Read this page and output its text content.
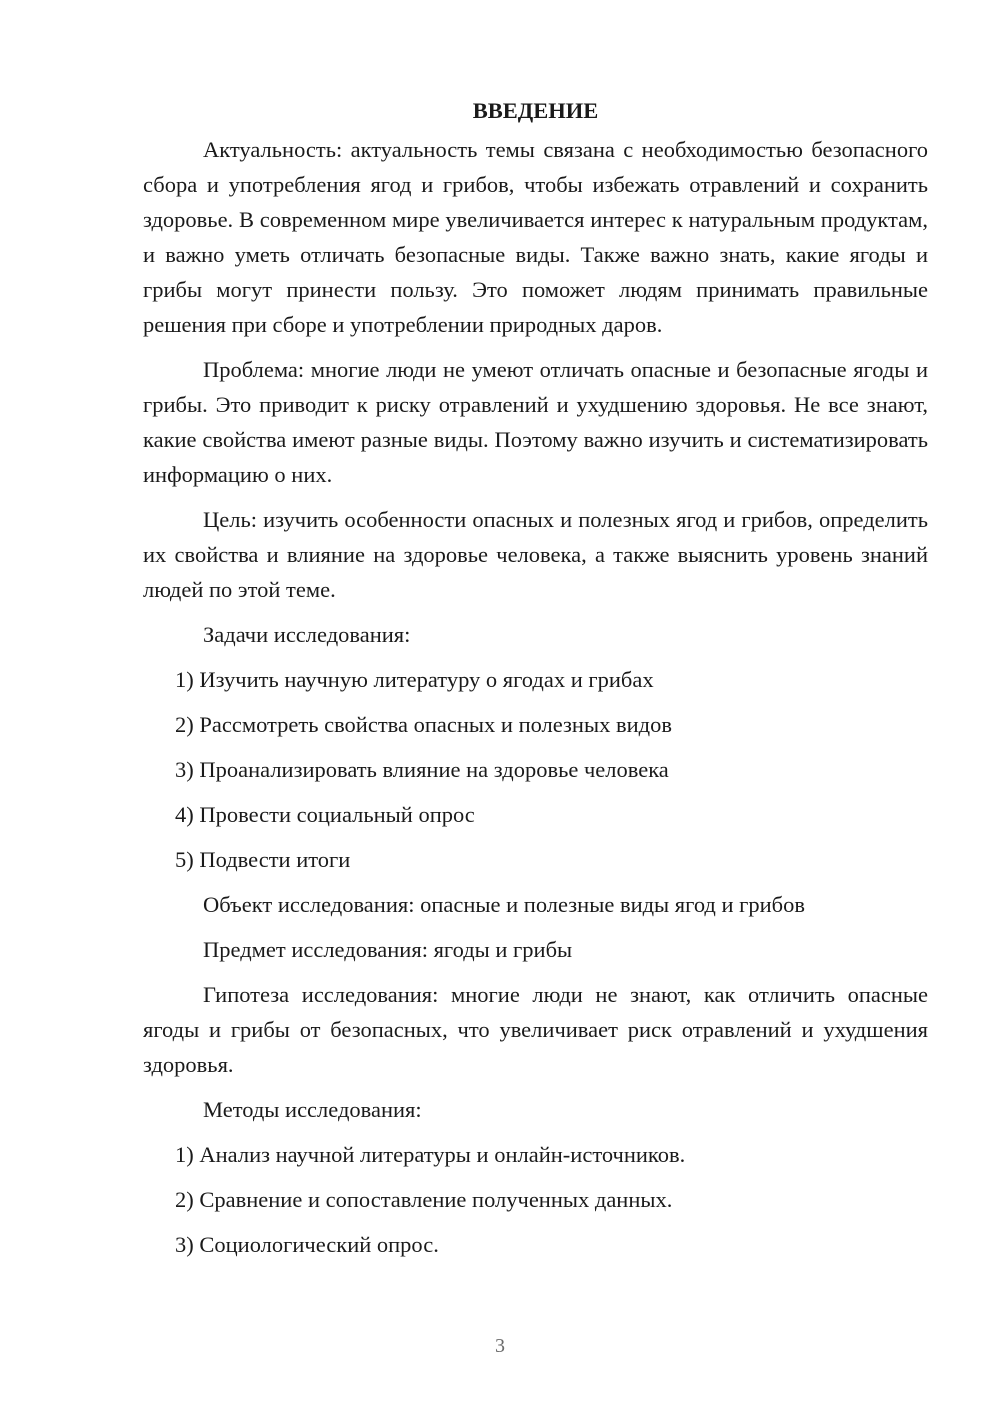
ВВЕДЕНИЕ

Актуальность: актуальность темы связана с необходимостью безопасного сбора и употребления ягод и грибов, чтобы избежать отравлений и сохранить здоровье. В современном мире увеличивается интерес к натуральным продуктам, и важно уметь отличать безопасные виды. Также важно знать, какие ягоды и грибы могут принести пользу. Это поможет людям принимать правильные решения при сборе и употреблении природных даров.

Проблема: многие люди не умеют отличать опасные и безопасные ягоды и грибы. Это приводит к риску отравлений и ухудшению здоровья. Не все знают, какие свойства имеют разные виды. Поэтому важно изучить и систематизировать информацию о них.

Цель: изучить особенности опасных и полезных ягод и грибов, определить их свойства и влияние на здоровье человека, а также выяснить уровень знаний людей по этой теме.

Задачи исследования:

1) Изучить научную литературу о ягодах и грибах

2) Рассмотреть свойства опасных и полезных видов

3) Проанализировать влияние на здоровье человека

4) Провести социальный опрос

5) Подвести итоги

Объект исследования: опасные и полезные виды ягод и грибов

Предмет исследования: ягоды и грибы

Гипотеза исследования: многие люди не знают, как отличить опасные ягоды и грибы от безопасных, что увеличивает риск отравлений и ухудшения здоровья.

Методы исследования:

1) Анализ научной литературы и онлайн-источников.

2) Сравнение и сопоставление полученных данных.

3) Социологический опрос.

3
